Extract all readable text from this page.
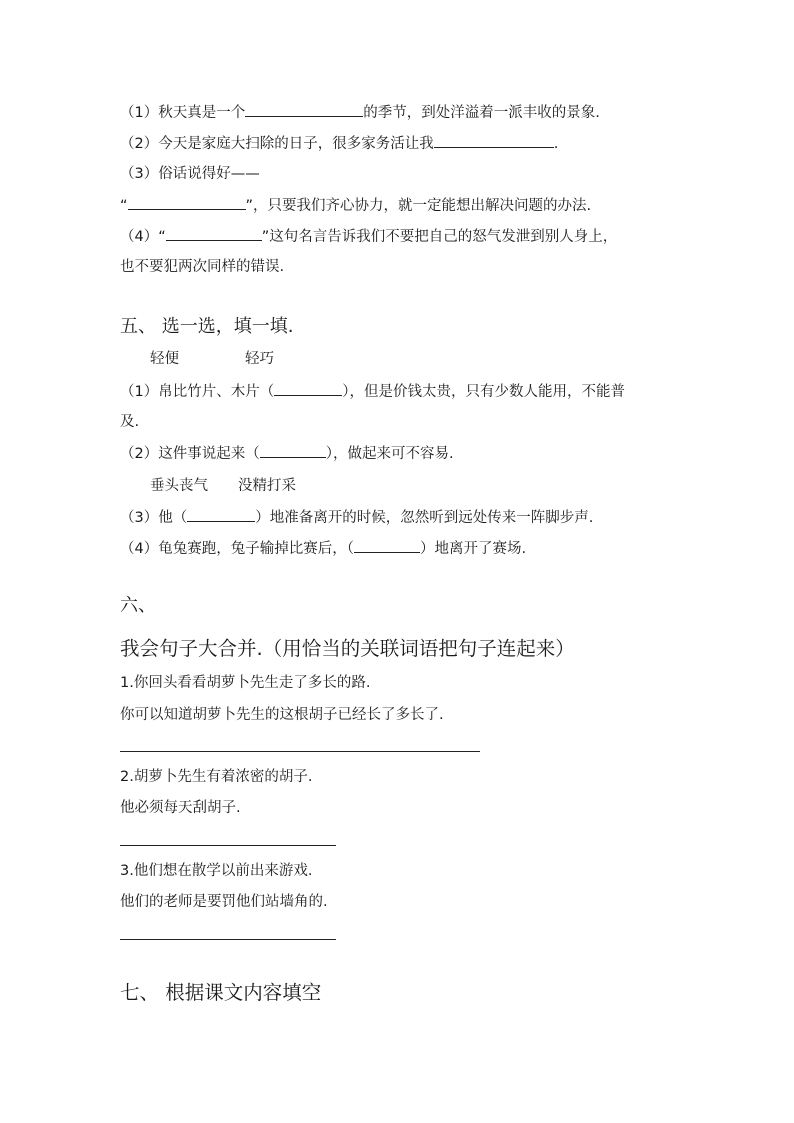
（1）秋天真是一个	的季节，到处洋溢着一派丰收的景象.
（2）今天是家庭大扫除的日子，很多家务活让我	.
（3）俗话说得好——
“	”，只要我们齐心协力，就一定能想出解决问题的办法.
（4）“	”这句名言告诉我们不要把自己的怒气发泄到别人身上，
也不要犯两次同样的错误.
五、 选一选，填一填.
轻便	轻巧
（1）帛比竹片、木片（	），但是价钱太贵，只有少数人能用，不能普
及.
（2）这件事说起来（	），做起来可不容易.
垂头丧气 没精打采
（3）他（	）地准备离开的时候，忽然听到远处传来一阵脚步声.
（4）龟兔赛跑，兔子输掉比赛后，（	）地离开了赛场.
六、
我会句子大合并.（用恰当的关联词语把句子连起来）
1.你回头看看胡萝卜先生走了多长的路.
你可以知道胡萝卜先生的这根胡子已经长了多长了.
2.胡萝卜先生有着浓密的胡子.
他必须每天刮胡子.
3.他们想在散学以前出来游戏.
他们的老师是要罚他们站墙角的.
七、 根据课文内容填空
